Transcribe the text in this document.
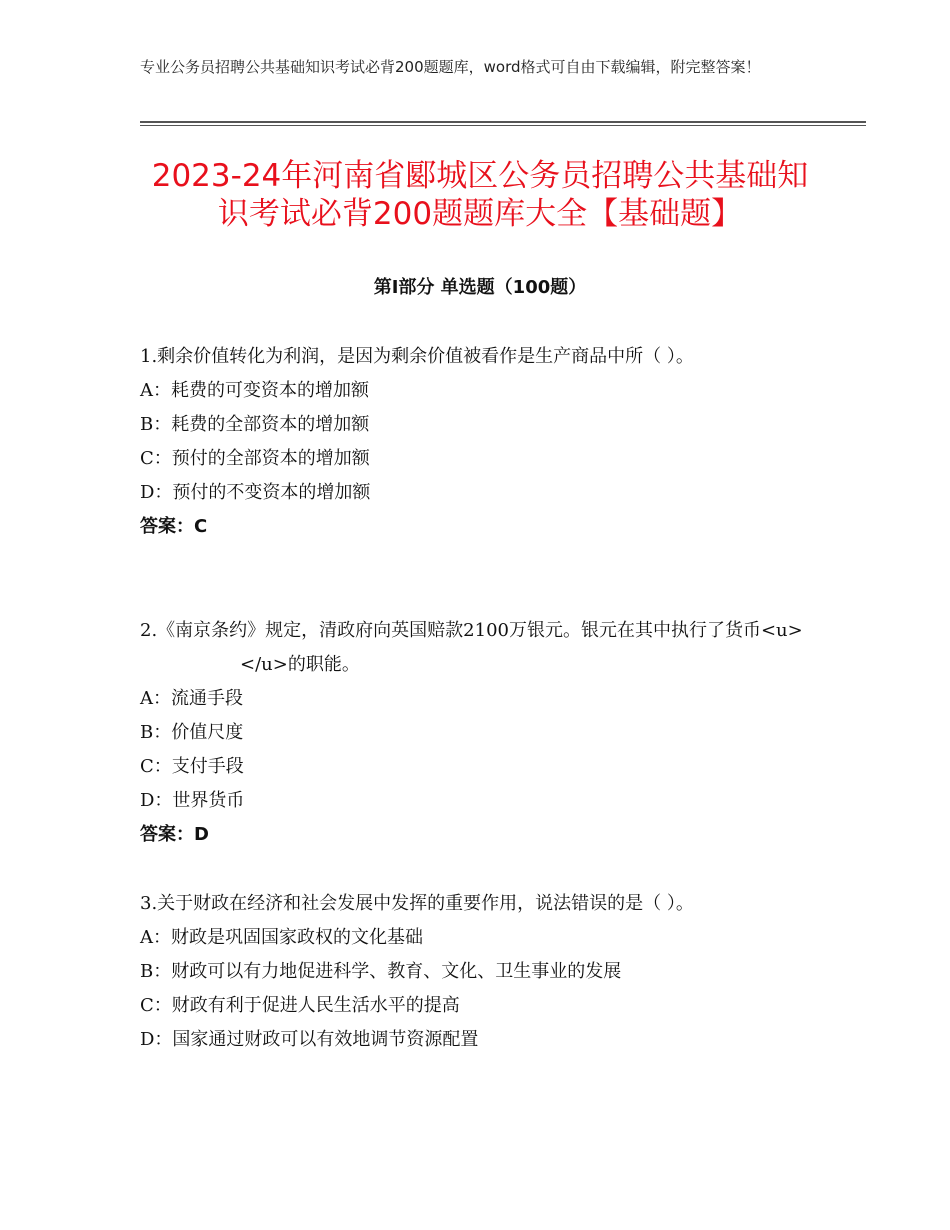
专业公务员招聘公共基础知识考试必背200题题库，word格式可自由下载编辑，附完整答案！
2023-24年河南省郾城区公务员招聘公共基础知识考试必背200题题库大全【基础题】
第Ⅰ部分 单选题（100题）

1.剩余价值转化为利润，是因为剩余价值被看作是生产商品中所（ ）。

A：耗费的可变资本的增加额

B：耗费的全部资本的增加额

C：预付的全部资本的增加额

D：预付的不变资本的增加额

答案：C

2.《南京条约》规定，清政府向英国赔款2100万银元。银元在其中执行了货币<u></u>的职能。

A：流通手段

B：价值尺度

C：支付手段

D：世界货币

答案：D

3.关于财政在经济和社会发展中发挥的重要作用，说法错误的是（ ）。

A：财政是巩固国家政权的文化基础

B：财政可以有力地促进科学、教育、文化、卫生事业的发展

C：财政有利于促进人民生活水平的提高

D：国家通过财政可以有效地调节资源配置
